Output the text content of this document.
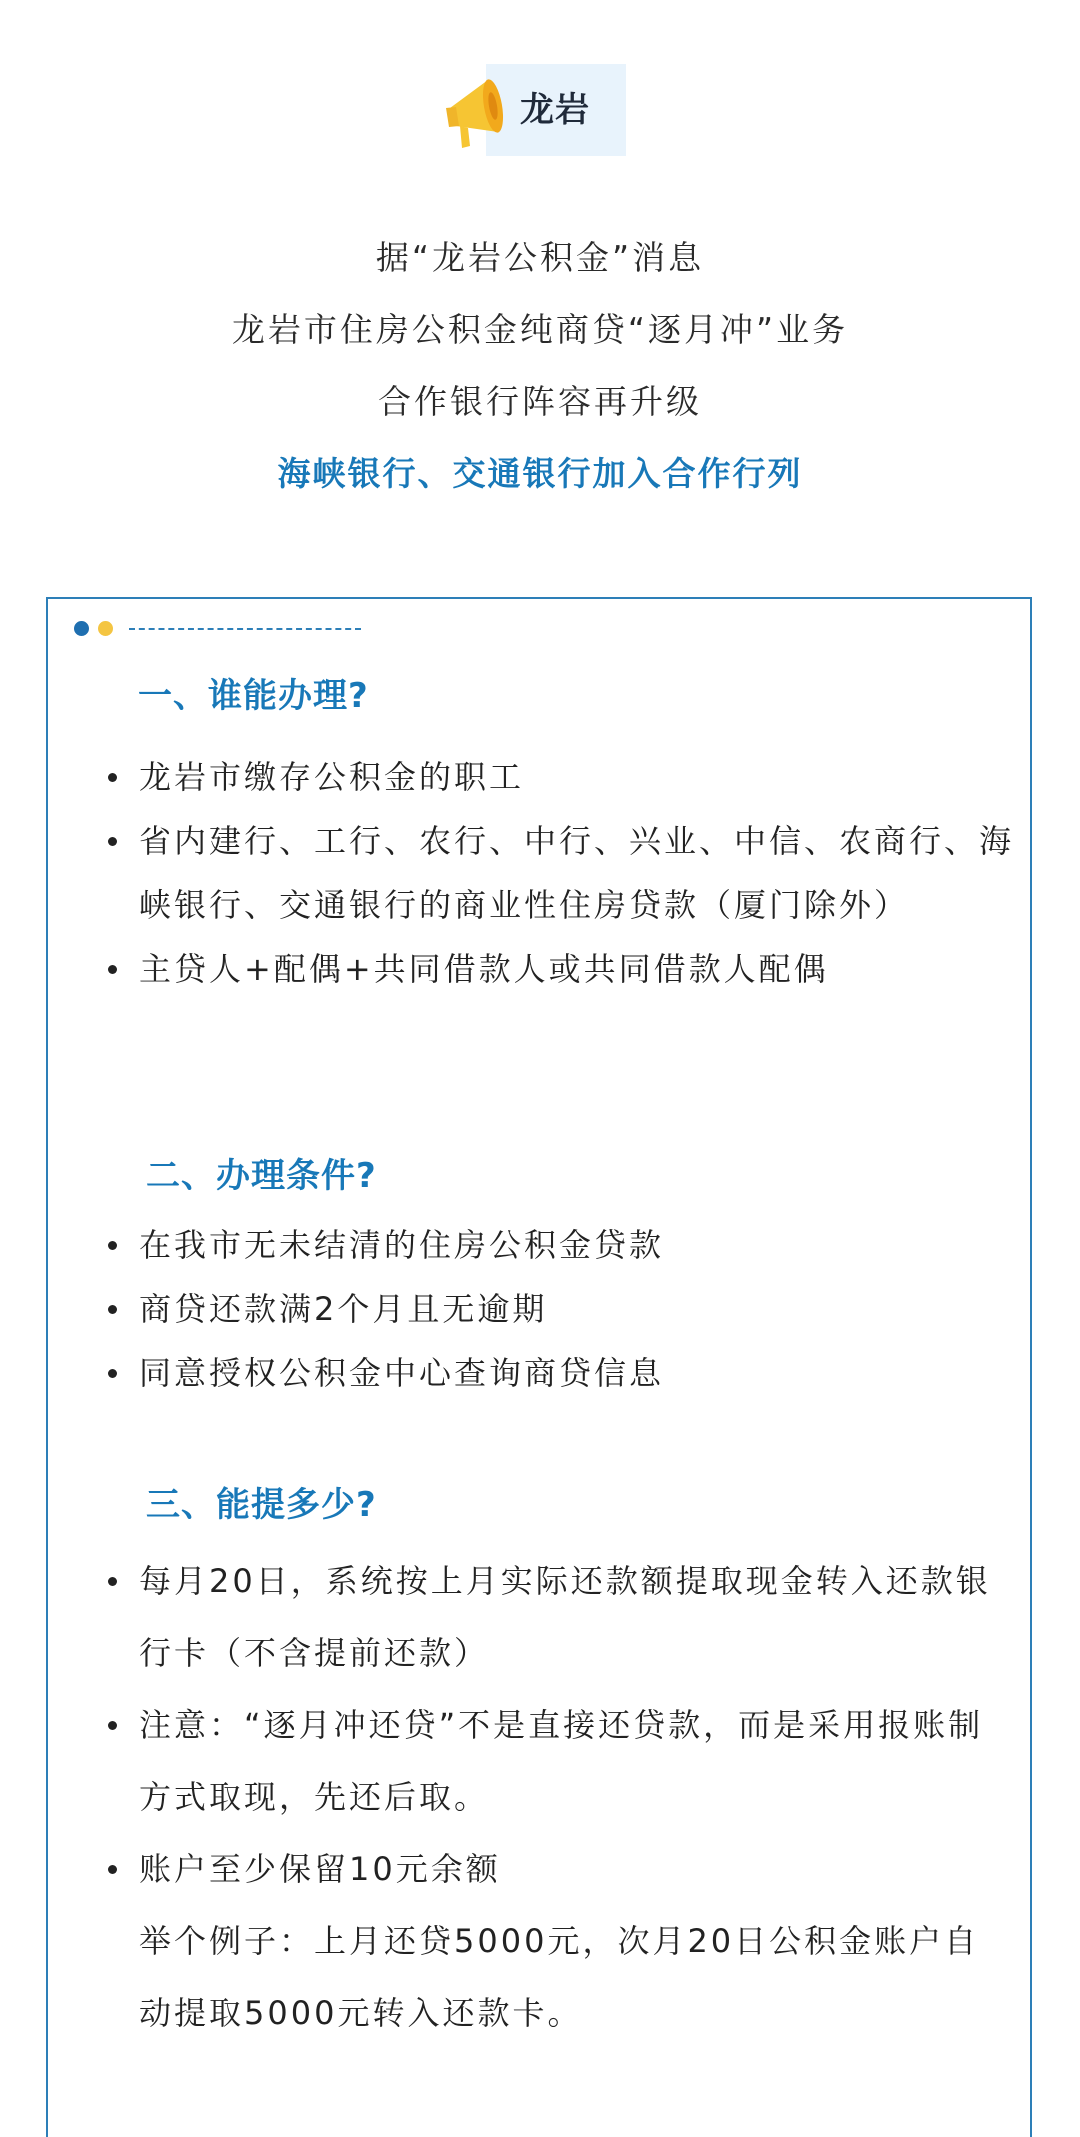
龙岩
据“龙岩公积金”消息
龙岩市住房公积金纯商贷“逐月冲”业务
合作银行阵容再升级
海峡银行、交通银行加入合作行列
一、谁能办理?
龙岩市缴存公积金的职工
省内建行、工行、农行、中行、兴业、中信、农商行、海峡银行、交通银行的商业性住房贷款（厦门除外）
主贷人+配偶+共同借款人或共同借款人配偶
二、办理条件?
在我市无未结清的住房公积金贷款
商贷还款满2个月且无逾期
同意授权公积金中心查询商贷信息
三、能提多少?
每月20日，系统按上月实际还款额提取现金转入还款银行卡（不含提前还款）
注意：“逐月冲还贷”不是直接还贷款，而是采用报账制方式取现，先还后取。
账户至少保留10元余额
举个例子：上月还贷5000元，次月20日公积金账户自动提取5000元转入还款卡。
